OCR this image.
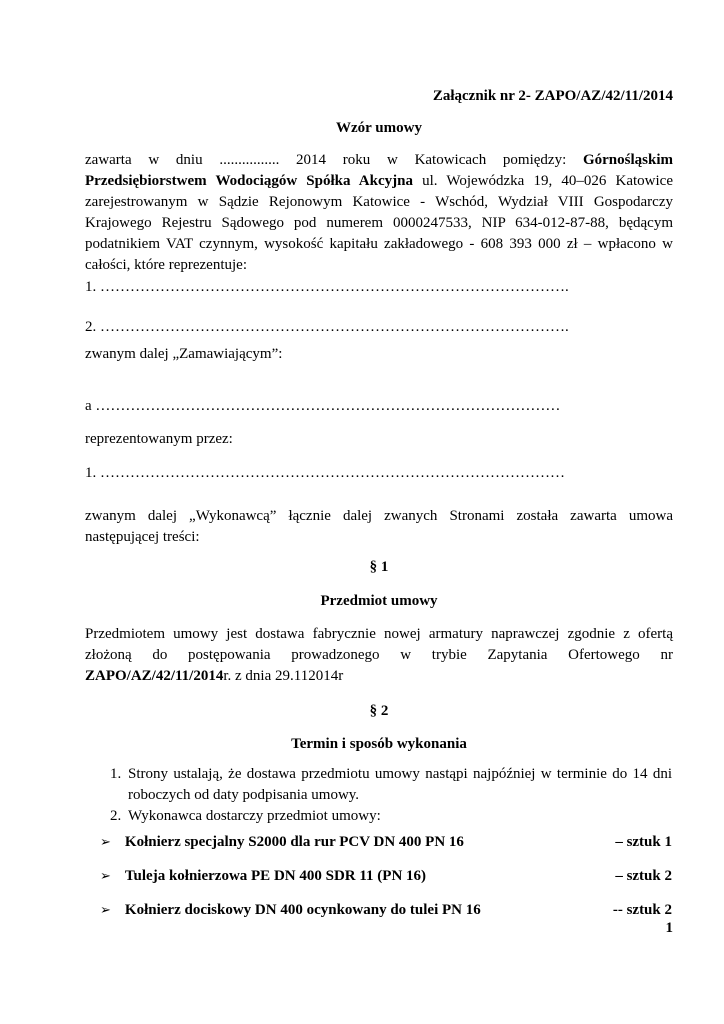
Załącznik nr 2- ZAPO/AZ/42/11/2014
Wzór umowy

zawarta w dniu ................ 2014 roku w Katowicach pomiędzy: Górnośląskim Przedsiębiorstwem Wodociągów Spółka Akcyjna ul. Wojewódzka 19, 40–026 Katowice zarejestrowanym w Sądzie Rejonowym Katowice - Wschód, Wydział VIII Gospodarczy Krajowego Rejestru Sądowego pod numerem 0000247533, NIP 634-012-87-88, będącym podatnikiem VAT czynnym, wysokość kapitału zakładowego - 608 393 000 zł – wpłacono w całości, które reprezentuje:

1. ………………………………………………………………………………….
2. ………………………………………………………………………………….
zwanym dalej „Zamawiającym”:
a …………………………………………………………………………………
reprezentowanym przez:
1. …………………………………………………………………………………

zwanym dalej „Wykonawcą” łącznie dalej zwanych Stronami została zawarta umowa następującej treści:

§ 1
Przedmiot umowy

Przedmiotem umowy jest dostawa fabrycznie nowej armatury naprawczej zgodnie z ofertą złożoną do postępowania prowadzonego w trybie Zapytania Ofertowego nr ZAPO/AZ/42/11/2014r. z dnia 29.112014r

§ 2
Termin i sposób wykonania
1. Strony ustalają, że dostawa przedmiotu umowy nastąpi najpóźniej w terminie do 14 dni roboczych od daty podpisania umowy.
2. Wykonawca dostarczy przedmiot umowy:
➢ Kołnierz specjalny S2000 dla rur PCV DN 400 PN 16	– sztuk 1
➢ Tuleja kołnierzowa PE DN 400 SDR 11 (PN 16)	– sztuk 2
➢ Kołnierz dociskowy DN 400 ocynkowany do tulei PN 16	-- sztuk 2
1
